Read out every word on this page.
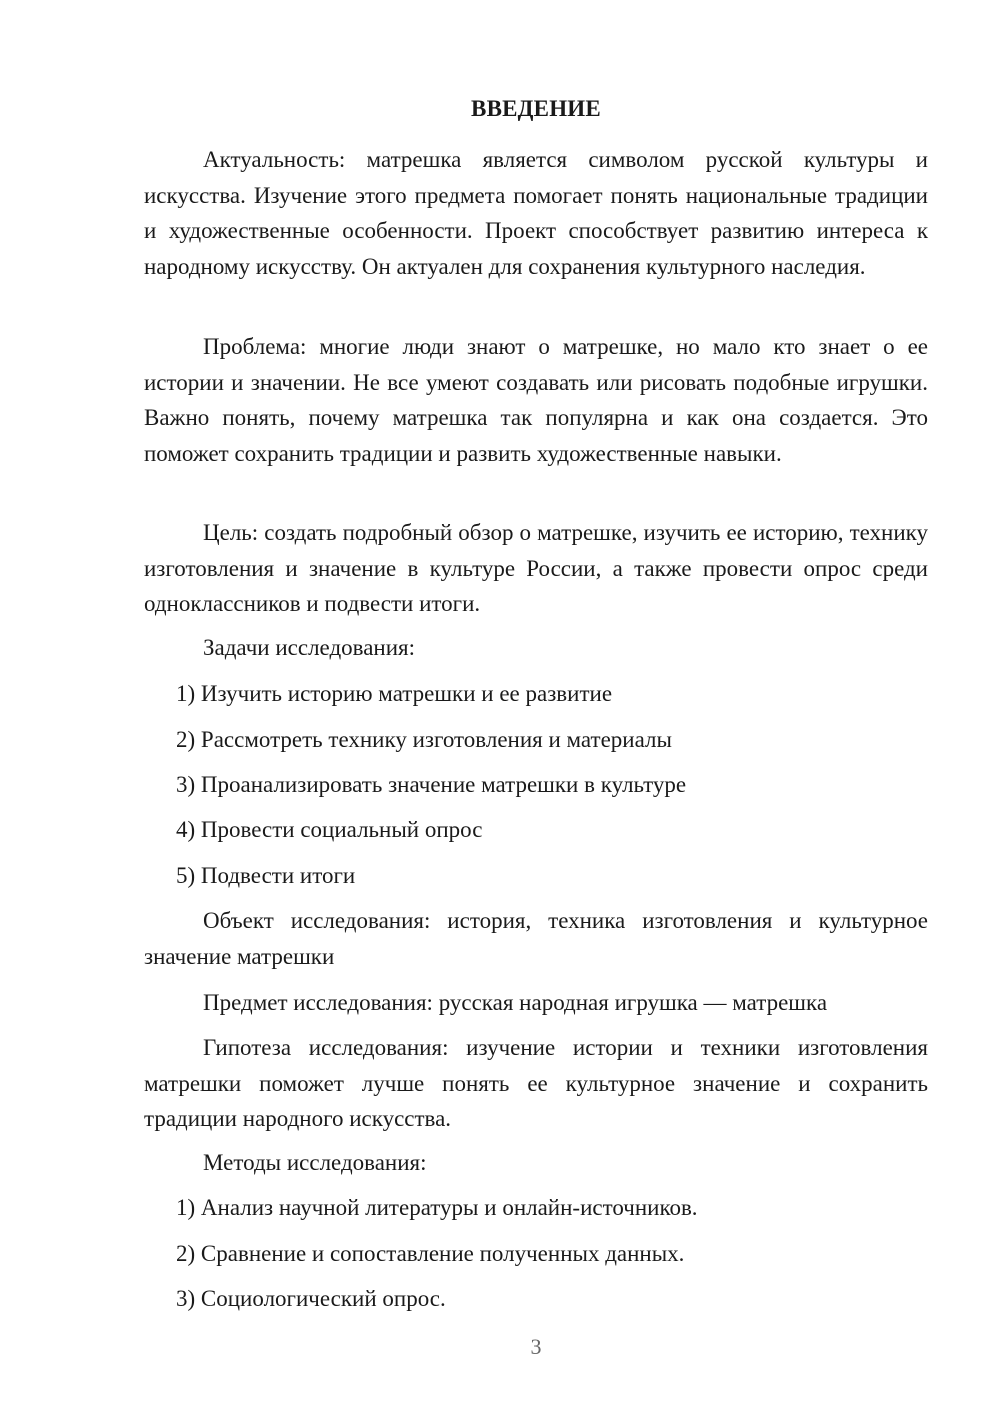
ВВЕДЕНИЕ

Актуальность: матрешка является символом русской культуры и искусства. Изучение этого предмета помогает понять национальные традиции и художественные особенности. Проект способствует развитию интереса к народному искусству. Он актуален для сохранения культурного наследия.

Проблема: многие люди знают о матрешке, но мало кто знает о ее истории и значении. Не все умеют создавать или рисовать подобные игрушки. Важно понять, почему матрешка так популярна и как она создается. Это поможет сохранить традиции и развить художественные навыки.

Цель: создать подробный обзор о матрешке, изучить ее историю, технику изготовления и значение в культуре России, а также провести опрос среди одноклассников и подвести итоги.

Задачи исследования:

1) Изучить историю матрешки и ее развитие

2) Рассмотреть технику изготовления и материалы

3) Проанализировать значение матрешки в культуре

4) Провести социальный опрос

5) Подвести итоги

Объект исследования: история, техника изготовления и культурное значение матрешки

Предмет исследования: русская народная игрушка — матрешка

Гипотеза исследования: изучение истории и техники изготовления матрешки поможет лучше понять ее культурное значение и сохранить традиции народного искусства.

Методы исследования:

1) Анализ научной литературы и онлайн-источников.

2) Сравнение и сопоставление полученных данных.

3) Социологический опрос.

3
